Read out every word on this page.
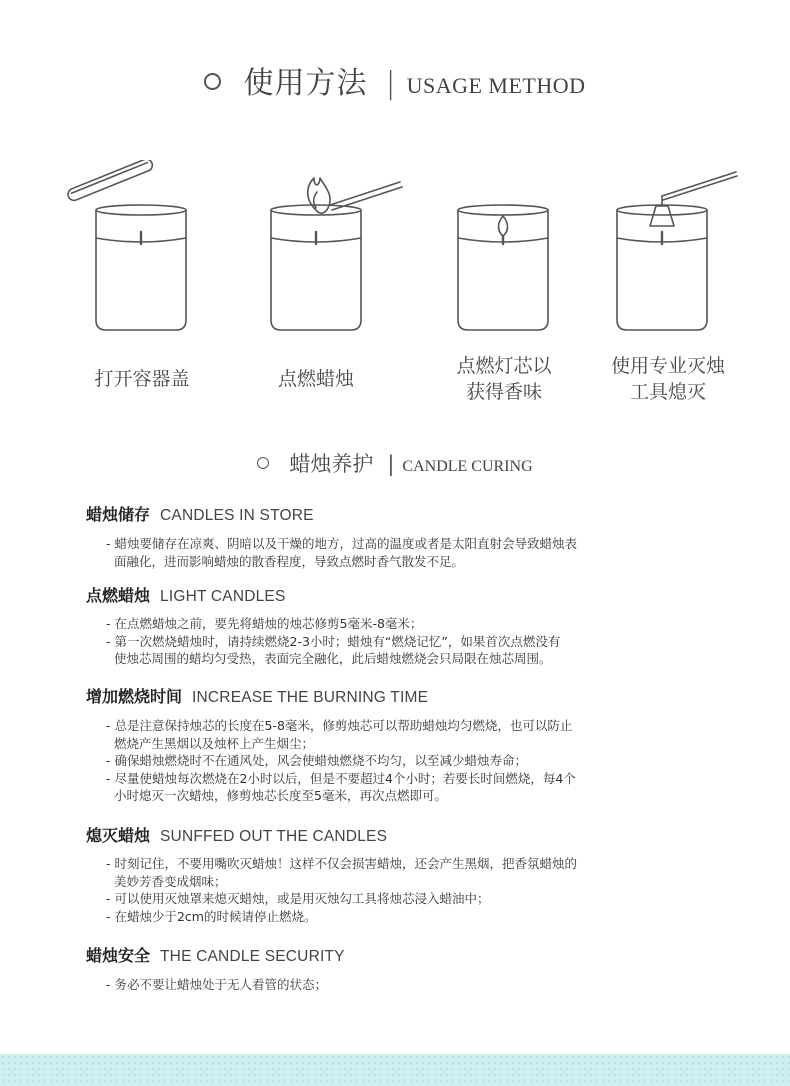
使用方法 | USAGE METHOD
打开容器盖	点燃蜡烛
点燃灯芯以
获得香味
使用专业灭烛
工具熄灭
蜡烛养护 | CANDLE CURING
蜡烛储存 CANDLES IN STORE
- 蜡烛要储存在凉爽、阴暗以及干燥的地方，过高的温度或者是太阳直射会导致蜡烛表
面融化，进而影响蜡烛的散香程度，导致点燃时香气散发不足。
点燃蜡烛 LIGHT CANDLES
- 在点燃蜡烛之前，要先将蜡烛的烛芯修剪5毫米-8毫米；
- 第一次燃烧蜡烛时，请持续燃烧2-3小时；蜡烛有“燃烧记忆”，如果首次点燃没有
使烛芯周围的蜡均匀受热，表面完全融化，此后蜡烛燃烧会只局限在烛芯周围。
增加燃烧时间 INCREASE THE BURNING TIME
- 总是注意保持烛芯的长度在5-8毫米，修剪烛芯可以帮助蜡烛均匀燃烧，也可以防止
燃烧产生黑烟以及烛杯上产生烟尘；
- 确保蜡烛燃烧时不在通风处，风会使蜡烛燃烧不均匀，以至减少蜡烛寿命；
- 尽量使蜡烛每次燃烧在2小时以后，但是不要超过4个小时；若要长时间燃烧，每4个
小时熄灭一次蜡烛，修剪烛芯长度至5毫米，再次点燃即可。
熄灭蜡烛 SUNFFED OUT THE CANDLES
- 时刻记住，不要用嘴吹灭蜡烛！这样不仅会损害蜡烛，还会产生黑烟，把香氛蜡烛的
美妙芳香变成烟味；
- 可以使用灭烛罩来熄灭蜡烛，或是用灭烛勾工具将烛芯浸入蜡油中；
- 在蜡烛少于2cm的时候请停止燃烧。
蜡烛安全 THE CANDLE SECURITY
- 务必不要让蜡烛处于无人看管的状态；
